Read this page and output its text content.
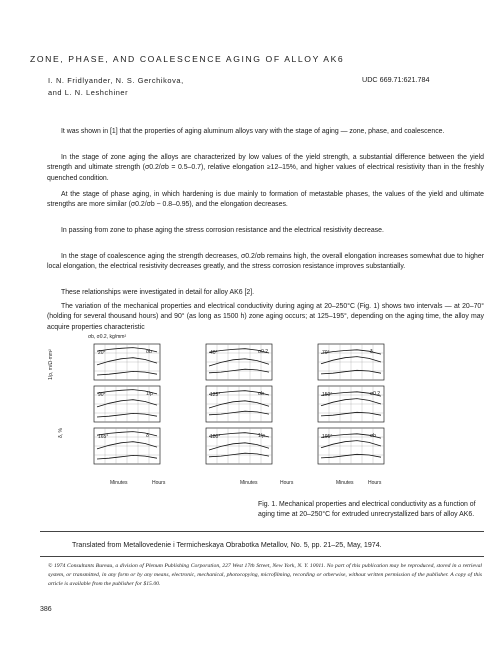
ZONE, PHASE, AND COALESCENCE AGING OF ALLOY AK6
I. N. Fridlyander, N. S. Gerchikova,
and L. N. Leshchiner
UDC 669.71:621.784

It was shown in [1] that the properties of aging aluminum alloys vary with the stage of aging — zone, phase, and coalescence.

In the stage of zone aging the alloys are characterized by low values of the yield strength, a substantial difference between the yield strength and ultimate strength (σ0.2/σb = 0.5–0.7), relative elongation ≥12–15%, and higher values of electrical resistivity than in the freshly quenched condition.

At the stage of phase aging, in which hardening is due mainly to formation of metastable phases, the values of the yield and ultimate strengths are more similar (σ0.2/σb ~ 0.8–0.95), and the elongation decreases.

In passing from zone to phase aging the stress corrosion resistance and the electrical resistivity decrease.

In the stage of coalescence aging the strength decreases, σ0.2/σb remains high, the overall elongation increases somewhat due to higher local elongation, the electrical resistivity decreases greatly, and the stress corrosion resistance improves substantially.

These relationships were investigated in detail for alloy AK6 [2].

The variation of the mechanical properties and electrical conductivity during aging at 20–250°C (Fig. 1) shows two intervals — at 20–70° (holding for several thousand hours) and 90° (as long as 1500 h) zone aging occurs; at 125–195°, depending on the aging time, the alloy may acquire properties characteristic

σb, σ0.2, kg/mm²
1/ρ, m/Ω·mm²
δ, %
Minutes	Hours	Minutes	Hours	Minutes	Hours
20°	σb	40°	σ0.2	70°	δ
90°	1/ρ	125°	σb	150°	σ0.2
165°	δ	180°	1/ρ	195°	σb
Fig. 1. Mechanical properties and electrical conductivity as a function of aging time at 20–250°C for extruded unrecrystallized bars of alloy AK6.
Translated from Metallovedenie i Termicheskaya Obrabotka Metallov, No. 5, pp. 21–25, May, 1974.
© 1974 Consultants Bureau, a division of Plenum Publishing Corporation, 227 West 17th Street, New York, N. Y. 10011. No part of this publication may be reproduced, stored in a retrieval system, or transmitted, in any form or by any means, electronic, mechanical, photocopying, microfilming, recording or otherwise, without written permission of the publisher. A copy of this article is available from the publisher for $15.00.
386
